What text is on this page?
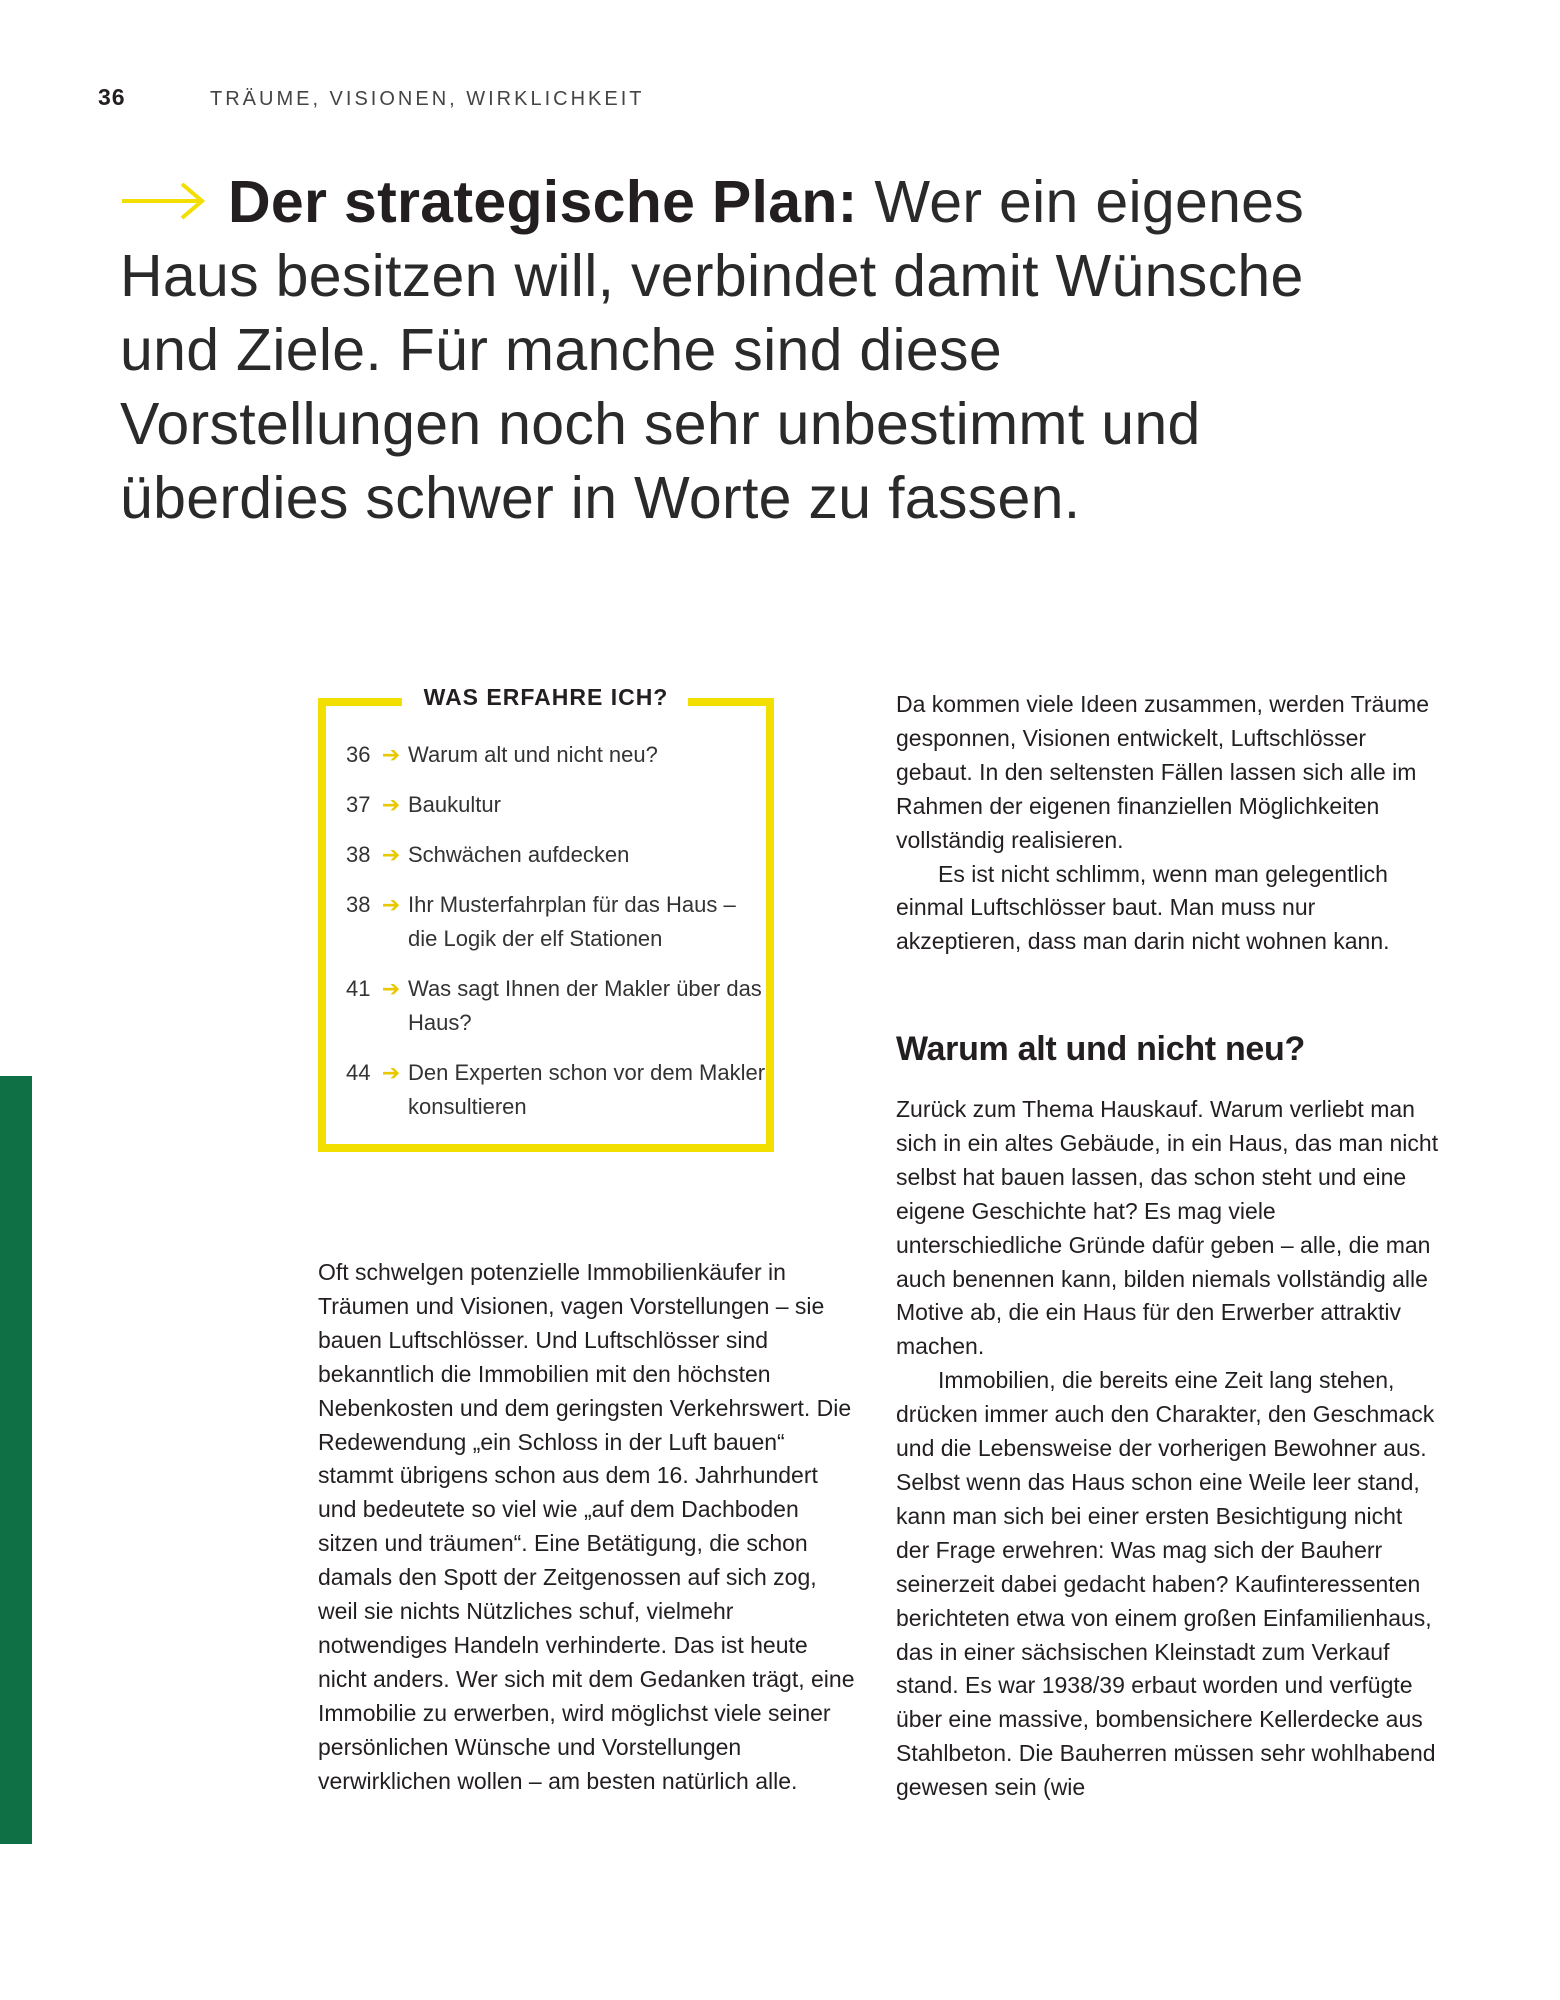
36	TRÄUME, VISIONEN, WIRKLICHKEIT
Der strategische Plan: Wer ein eigenes Haus besitzen will, verbindet damit Wünsche und Ziele. Für manche sind diese Vorstellungen noch sehr unbestimmt und überdies schwer in Worte zu fassen.
WAS ERFAHRE ICH?
36 ➔ Warum alt und nicht neu?
37 ➔ Baukultur
38 ➔ Schwächen aufdecken
38 ➔ Ihr Musterfahrplan für das Haus – die Logik der elf Stationen
41 ➔ Was sagt Ihnen der Makler über das Haus?
44 ➔ Den Experten schon vor dem Makler konsultieren

Oft schwelgen potenzielle Immobilienkäufer in Träumen und Visionen, vagen Vorstellungen – sie bauen Luftschlösser. Und Luftschlösser sind bekanntlich die Immobilien mit den höchsten Nebenkosten und dem geringsten Verkehrswert. Die Redewendung „ein Schloss in der Luft bauen“ stammt übrigens schon aus dem 16. Jahrhundert und bedeutete so viel wie „auf dem Dachboden sitzen und träumen“. Eine Betätigung, die schon damals den Spott der Zeitgenossen auf sich zog, weil sie nichts Nützliches schuf, vielmehr notwendiges Handeln verhinderte. Das ist heute nicht anders. Wer sich mit dem Gedanken trägt, eine Immobilie zu erwerben, wird möglichst viele seiner persönlichen Wünsche und Vorstellungen verwirklichen wollen – am besten natürlich alle.

Da kommen viele Ideen zusammen, werden Träume gesponnen, Visionen entwickelt, Luftschlösser gebaut. In den seltensten Fällen lassen sich alle im Rahmen der eigenen finanziellen Möglichkeiten vollständig realisieren.

Es ist nicht schlimm, wenn man gelegentlich einmal Luftschlösser baut. Man muss nur akzeptieren, dass man darin nicht wohnen kann.

Warum alt und nicht neu?

Zurück zum Thema Hauskauf. Warum verliebt man sich in ein altes Gebäude, in ein Haus, das man nicht selbst hat bauen lassen, das schon steht und eine eigene Geschichte hat? Es mag viele unterschiedliche Gründe dafür geben – alle, die man auch benennen kann, bilden niemals vollständig alle Motive ab, die ein Haus für den Erwerber attraktiv machen.

Immobilien, die bereits eine Zeit lang stehen, drücken immer auch den Charakter, den Geschmack und die Lebensweise der vorherigen Bewohner aus. Selbst wenn das Haus schon eine Weile leer stand, kann man sich bei einer ersten Besichtigung nicht der Frage erwehren: Was mag sich der Bauherr seinerzeit dabei gedacht haben? Kaufinteressenten berichteten etwa von einem großen Einfamilienhaus, das in einer sächsischen Kleinstadt zum Verkauf stand. Es war 1938/39 erbaut worden und verfügte über eine massive, bombensichere Kellerdecke aus Stahlbeton. Die Bauherren müssen sehr wohlhabend gewesen sein (wie
